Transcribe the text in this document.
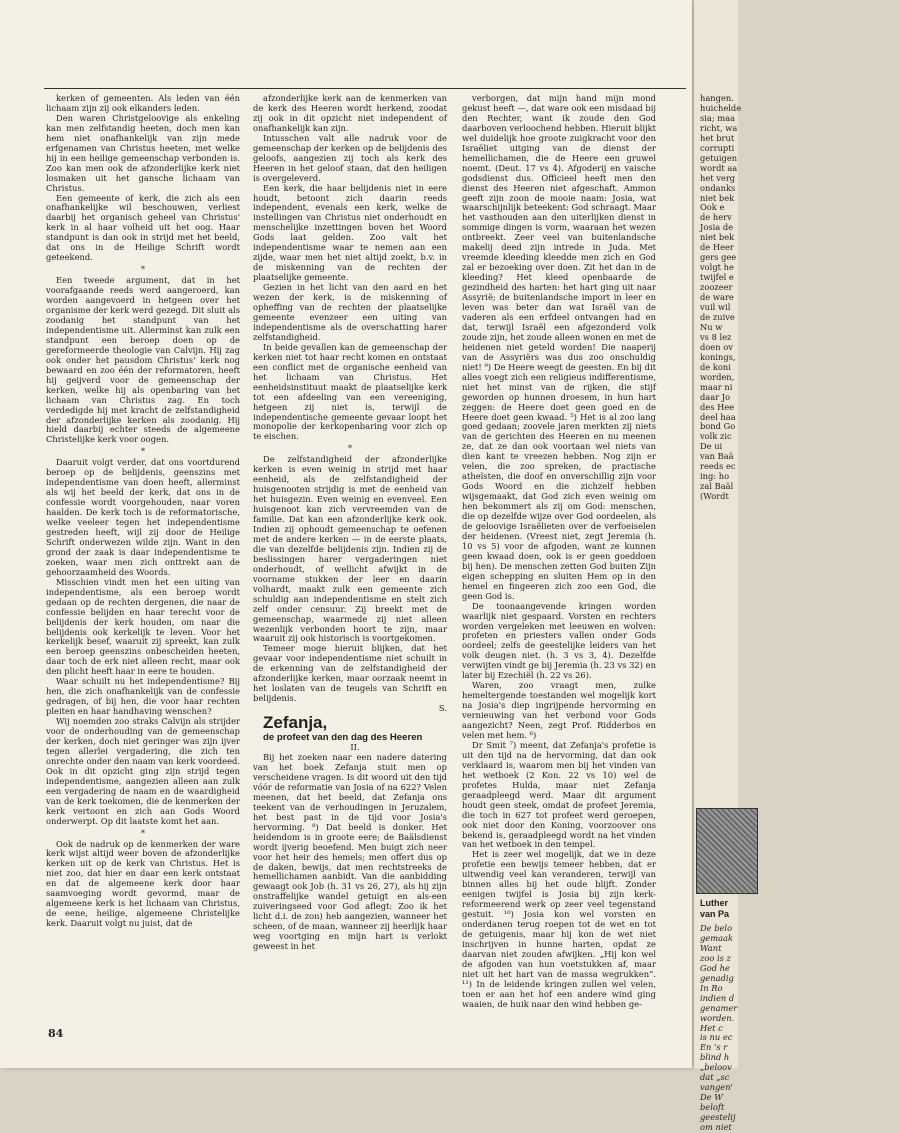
kerken of gemeenten. Als leden van één lichaam zijn zij ook elkanders leden.

Den waren Christgeloovige als enkeling kan men zelfstandig heeten, doch men kan hem niet onafhankelijk van zijn mede erfgenamen van Christus heeten, met welke hij in een heilige gemeenschap verbonden is. Zoo kan men ook de afzonderlijke kerk niet losmaken uit het gansche lichaam van Christus.

Een gemeente of kerk, die zich als een onafhankelijke wil beschouwen, verliest daarbij het organisch geheel van Christus' kerk in al haar volheid uit het oog. Haar standpunt is dan ook in strijd met het beeld, dat ons in de Heilige Schrift wordt geteekend.

*

Een tweede argument, dat in het voorafgaande reeds werd aangeroerd, kan worden aangevoerd in hetgeen over het organisme der kerk werd gezegd. Dit sluit als zoodanig het standpunt van het independentisme uit. Allerminst kan zulk een standpunt een beroep doen op de gereformeerde theologie van Calvijn. Hij zag ook onder het pausdom Christus' kerk nog bewaard en zoo één der reformatoren, heeft hij geijverd voor de gemeenschap der kerken, welke hij als openbaring van het lichaam van Christus zag. En toch verdedigde hij met kracht de zelfstandigheid der afzonderlijke kerken als zoodanig. Hij hield daarbij echter steeds de algemeene Christelijke kerk voor oogen.

*

Daaruit volgt verder, dat ons voortdurend beroep op de belijdenis, geenszins met independentisme van doen heeft, allerminst als wij het beeld der kerk, dat ons in de confessie wordt voorgehouden, naar voren haalden. De kerk toch is de reformatorische, welke veeleer tegen het independentisme gestreden heeft, wijl zij door de Heilige Schrift onderwezen wilde zijn. Want in den grond der zaak is daar independentisme te zoeken, waar men zich onttrekt aan de gehoorzaamheid des Woords.

Misschien vindt men het een uiting van independentisme, als een beroep wordt gedaan op de rechten dergenen, die naar de confessie belijden en haar terecht voor de belijdenis der kerk houden, om naar die belijdenis ook kerkelijk te leven. Voor het kerkelijk besef, waaruit zij spreekt, kan zulk een beroep geenszins onbescheiden heeten, daar toch de erk niet alleen recht, maar ook den plicht heeft haar in eere te houden.

Waar schuilt nu het independentisme? Bij hen, die zich onafhankelijk van de confessie gedragen, of bij hen, die voor haar rechten pleiten en haar handhaving wenschen?

Wij noemden zoo straks Calvijn als strijder voor de onderhouding van de gemeenschap der kerken, doch niet geringer was zijn ijver tegen allerlei vergadering, die zich ten onrechte onder den naam van kerk voordeed. Ook in dit opzicht ging zijn strijd tegen independentisme, aangezien alleen aan zulk een vergadering de naam en de waardigheid van de kerk toekomen, die de kenmerken der kerk vertoont en zich aan Gods Woord onderwerpt. Op dit laatste komt het aan.

*

Ook de nadruk op de kenmerken der ware kerk wijst altijd weer boven de afzonderlijke kerken uit op de kerk van Christus. Het is niet zoo, dat hier en daar een kerk ontstaat en dat de algemeene kerk door haar saamvoeging wordt gevormd, maar de algemeene kerk is het lichaam van Christus, de eene, heilige, algemeene Christelijke kerk. Daaruit volgt nu juist, dat de

afzonderlijke kerk aan de kenmerken van de kerk des Heeren wordt herkend, zoodat zij ook in dit opzicht niet independent of onafhankelijk kan zijn.

Intusschen valt alle nadruk voor de gemeenschap der kerken op de belijdenis des geloofs, aangezien zij toch als kerk des Heeren in het geloof staan, dat den heiligen is overgeleverd.

Een kerk, die haar belijdenis niet in eere houdt, betoont zich daarin reeds independent, evenals een kerk, welke de instellingen van Christus niet onderhoudt en menschelijke inzettingen boven het Woord Gods laat gelden. Zoo valt het independentisme waar te nemen aan een zijde, waar men het niet altijd zoekt, b.v. in de miskenning van de rechten der plaatselijke gemeente.

Gezien in het licht van den aard en het wezen der kerk, is de miskenning of opheffing van de rechten der plaatselijke gemeente evenzeer een uiting van independentisme als de overschatting harer zelfstandigheid.

In beide gevallen kan de gemeenschap der kerken niet tot haar recht komen en ontstaat een conflict met de organische eenheid van het lichaam van Christus. Het eenheidsinstituut maakt de plaatselijke kerk tot een afdeeling van een vereeniging, hetgeen zij niet is, terwijl de independentische gemeente gevaar loopt het monopolie der kerkopenbaring voor zich op te eischen.

*

De zelfstandigheid der afzonderlijke kerken is even weinig in strijd met haar eenheid, als de zelfstandigheid der huisgenooten strijdig is met de eenheid van het huisgezin. Even weinig en evenveel. Een huisgenoot kan zich vervreemden van de familie. Dat kan een afzonderlijke kerk ook. Indien zij ophoudt gemeenschap te oefenen met de andere kerken — in de eerste plaats, die van dezelfde belijdenis zijn. Indien zij de beslissingen harer vergaderingen niet onderhoudt, of wellicht afwijkt in de voorname stukken der leer en daarin volhardt, maakt zulk een gemeente zich schuldig aan independentisme en stelt zich zelf onder censuur. Zij breekt met de gemeenschap, waarmede zij niet alleen wezenlijk verbonden hoort te zijn, maar waaruit zij ook historisch is voortgekomen.

Temeer moge hieruit blijken, dat het gevaar voor independentisme niet schuilt in de erkenning van de zelfstandigheid der afzonderlijke kerken, maar oorzaak neemt in het loslaten van de teugels van Schrift en belijdenis.

S.

Zefanja,

de profeet van den dag des Heeren

II.

Bij het zoeken naar een nadere datering van het boek Zefanja stuit men op verscheidene vragen. Is dit woord uit den tijd vóór de reformatie van Josia of na 622? Velen meenen, dat het beeld, dat Zefanja ons teekent van de verhoudingen in Jeruzalem, het best past in de tijd voor Josia's hervorming. ⁸) Dat beeld is donker. Het heidendom is in groote eere; de Baälsdienst wordt ijverig beoefend. Men buigt zich neer voor het heir des hemels; men offert dus op de daken, bewijs, dat men rechtstreeks de hemellichamen aanbidt. Van die aanbidding gewaagt ook Job (h. 31 vs 26, 27), als hij zijn onstraffelijke wandel getuigt en als-een zuiveringseed voor God aflegt: Zoo ik het licht d.i. de zon) heb aangezien, wanneer het scheen, of de maan, wanneer zij heerlijk haar weg voortging en mijn hart is verlokt geweest in het

verborgen, dat mijn hand mijn mond gekust heeft —, dat ware ook een misdaad bij den Rechter, want ik zoude den God daarboven verloochend hebben. Hieruit blijkt wel duidelijk hoe groote zuigkracht voor den Israëliet uitging van de dienst der hemellichamen, die de Heere een gruwel noemt. (Deut. 17 vs 4). Afgoderij en vaische godsdienst dus. Officieel heeft men den dienst des Heeren niet afgeschaft. Ammon geeft zijn zoon de mooie naam: Josia, wat waarschijnlijk beteekent: God schraagt. Maar het vasthouden aan den uiterlijken dienst in sommige dingen is vorm, waaraan het wezen ontbreekt. Zeer veel van buitenlandsche makelij deed zijn intrede in Juda. Met vreemde kleeding kleedde men zich en God zal er bezoeking over doen. Zit het dan in de kleeding? Het kleed openbaarde de gezindheid des harten: het hart ging uit naar Assyrië; de buitenlandsche import in leer en leven was beter dan wat Israël van de vaderen als een erfdeel ontvangen had en dat, terwijl Israël een afgezonderd volk zoude zijn, het zoude alleen wonen en met de heidenen niet geteld worden! Die naaperij van de Assyriërs was dus zoo onschuldig niet! ⁹) De Heere weegt de geesten. En bij dit alles voegt zich een religieus indifferentisme, niet het minst van de rijken, die stijf geworden op hunnen droesem, in hun hart zeggen: de Heere doet geen goed en de Heere doet geen kwaad. ⁵) Het is al zoo lang goed gedaan; zoovele jaren merkten zij niets van de gerichten des Heeren en nu meenen ze, dat ze dan ook voortaan wel niets van dien kant te vreezen hebben. Nog zijn er velen, die zoo spreken, de practische atheïsten, die doof en onverschillig zijn voor Gods Woord en die zichzelf hebben wijsgemaakt, dat God zich even weinig om hen bekommert als zij om God: menschen, die op dezelfde wijze over God oordeelen, als de geloovige Israëlieten over de verfoeiselen der heidenen. (Vreest niet, zegt Jeremia (h. 10 vs 5) voor de afgoden, want ze kunnen geen kwaad doen, ook is er geen goeddoen bij hen). De menschen zetten God buiten Zijn eigen schepping en sluiten Hem op in den hemel en fingeeren zich zoo een God, die geen God is.

De toonaangevende kringen worden waarlijk niet gespaard. Vorsten en rechters worden vergeleken met leeuwen en wolven: profeten en priesters vallen onder Gods oordeel; zelfs de geestelijke leiders van het volk deugen niet. (h. 3 vs 3, 4). Dezelfde verwijten vindt ge bij Jeremia (h. 23 vs 32) en later bij Ezechiël (h. 22 vs 26).

Waren, zoo vraagt men, zulke hemeltergende toestanden wel mogelijk kort na Josia's diep ingrijpende hervorming en vernieuwing van het verbond voor Gods aangezicht? Neen, zegt Prof. Ridderbos en velen met hem. ⁶)

Dr Smit ⁷) meent, dat Zefanja's profetie is uit den tijd na de hervorming, dat dan ook verklaard is, waarom men bij het vinden van het wetboek (2 Kon. 22 vs 10) wel de profetes Hulda, maar niet Zefanja geraadpleegd werd. Maar dit argument houdt geen steek, omdat de profeet Jeremia, die toch in 627 tot profeet werd geroepen, ook niet door den Koning, voorzoover ons bekend is, geraadpleegd wordt na het vinden van het wetboek in den tempel.

Het is zeer wel mogelijk, dat we in deze profetie een bewijs temeer hebben, dat er uitwendig veel kan veranderen, terwijl van binnen alles bij het oude blijft. Zonder eenigen twijfel is Josia bij zijn kerk-reformeerend werk op zeer veel tegenstand gestuit. ¹⁰) Josia kon wel vorsten en onderdanen terug roepen tot de wet en tot de getuigenis, maar hij kon de wet niet inschrijven in hunne harten, opdat ze daarvan niet zouden afwijken. „Hij kon wel de afgoden van hun voetstukken af, maar niet uit het hart van de massa wegrukken”. ¹¹) In de leidende kringen zullen wel velen, toen er aan het hof een andere wind ging waaien, de huik naar den wind hebben ge-

84
hangen.
huichelde
sia; maa
richt, wa
het brut
corrupti
getuigen
wordt aa
het verg
ondanks
niet bek
Ook e
de herv
Josia de
niet bek
de Heer
gers gee
volgt he
twijfel e
zoozeer
de ware
vuil wil
de zuive
Nu w
vs 8 lez
doen ov
konings,
de koni
worden,
maar ni
daar Jo
des Hee
deel haa
bond Go
volk zic
De ui
van Baä
reeds ec
ing: ho
zal Baäl
(Wordt
Luther
van Pa
De belo
gemaak
Want
zoo is z
God he
genadig
In Ro
indien d
genamer
worden.
Het c
is nu ec
En 's r
blind h
„beloov
dat „sc
vangen'
De W
beloft
geestelij
om niet
